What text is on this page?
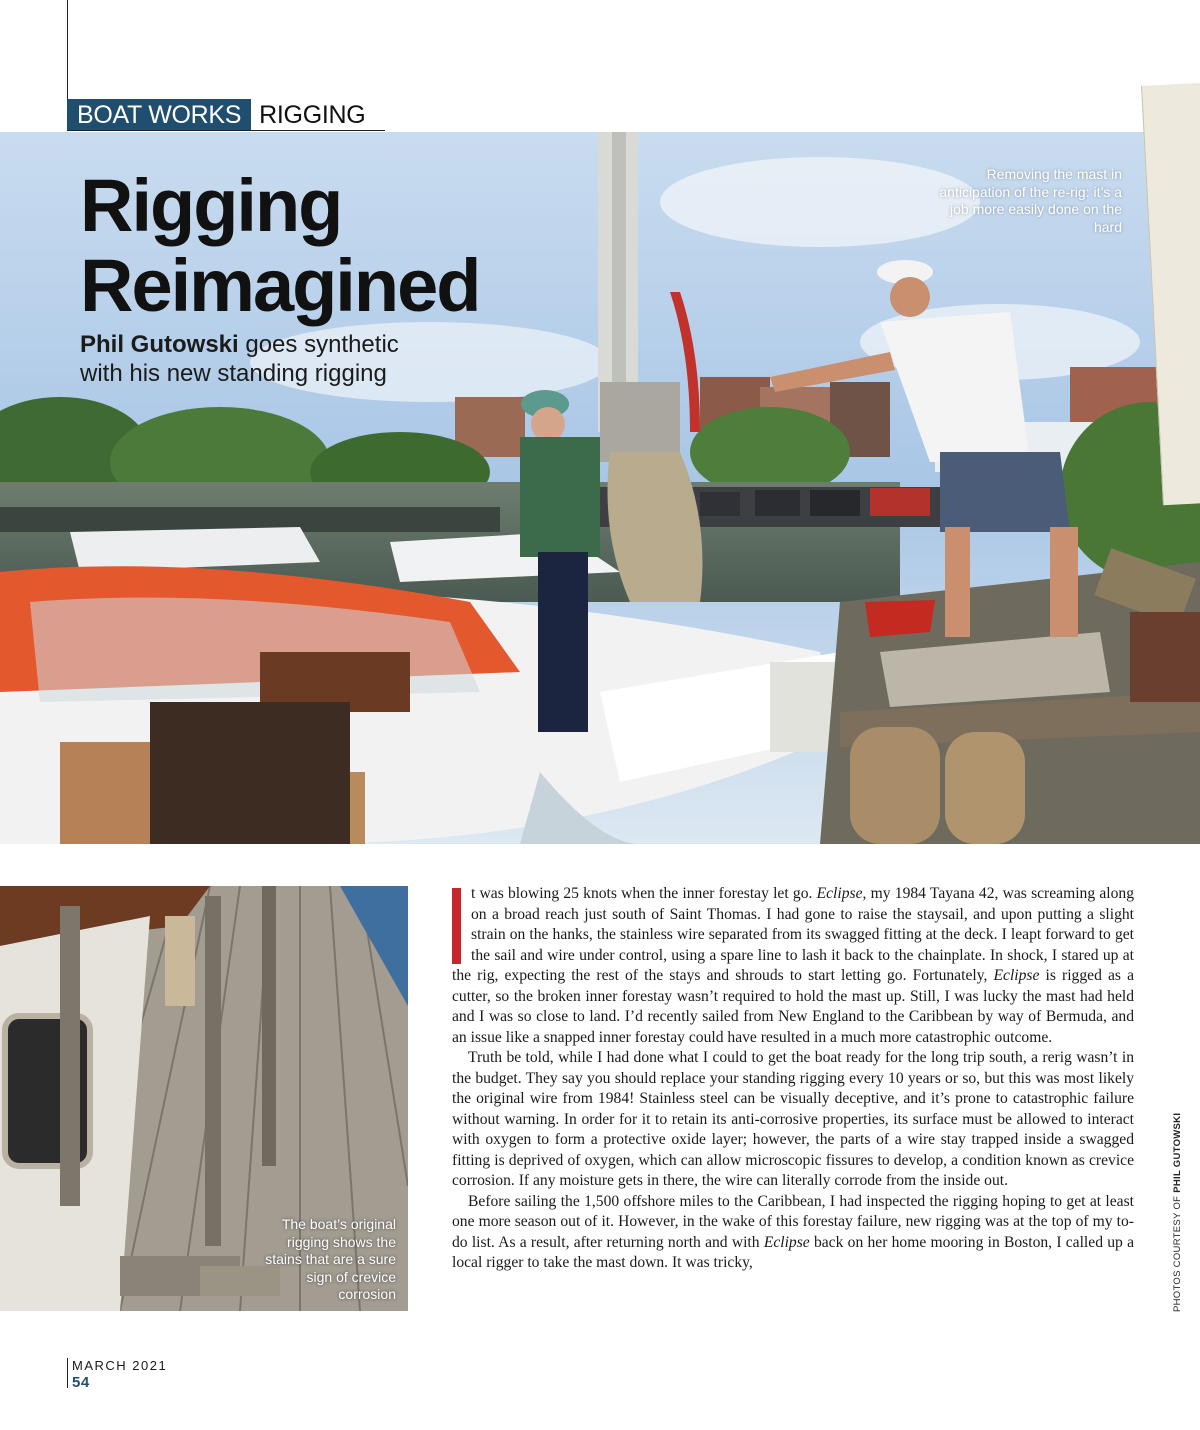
BOAT WORKS RIGGING
Rigging
Reimagined

Phil Gutowski goes synthetic
with his new standing rigging

Removing the mast in anticipation of the re-rig: it’s a job more easily done on the hard
The boat’s original rigging shows the stains that are a sure sign of crevice corrosion

t was blowing 25 knots when the inner forestay let go. Eclipse, my 1984 Tayana 42, was screaming along on a broad reach just south of Saint Thomas. I had gone to raise the staysail, and upon putting a slight strain on the hanks, the stainless wire separated from its swagged fitting at the deck. I leapt forward to get the sail and wire under control, using a spare line to lash it back to the chainplate. In shock, I stared up at the rig, expecting the rest of the stays and shrouds to start letting go. Fortunately, Eclipse is rigged as a cutter, so the broken inner forestay wasn’t required to hold the mast up. Still, I was lucky the mast had held and I was so close to land. I’d recently sailed from New England to the Caribbean by way of Bermuda, and an issue like a snapped inner forestay could have resulted in a much more catastrophic outcome.

Truth be told, while I had done what I could to get the boat ready for the long trip south, a rerig wasn’t in the budget. They say you should replace your standing rigging every 10 years or so, but this was most likely the original wire from 1984! Stainless steel can be visually deceptive, and it’s prone to catastrophic failure without warning. In order for it to retain its anti-corrosive properties, its surface must be allowed to interact with oxygen to form a protective oxide layer; however, the parts of a wire stay trapped inside a swagged fitting is deprived of oxygen, which can allow microscopic fissures to develop, a condition known as crevice corrosion. If any moisture gets in there, the wire can literally corrode from the inside out.

Before sailing the 1,500 offshore miles to the Caribbean, I had inspected the rigging hoping to get at least one more season out of it. However, in the wake of this forestay failure, new rigging was at the top of my to-do list. As a result, after returning north and with Eclipse back on her home mooring in Boston, I called up a local rigger to take the mast down. It was tricky,	PHOTOS COURTESY OF PHIL GUTOWSKI
MARCH 2021
54
